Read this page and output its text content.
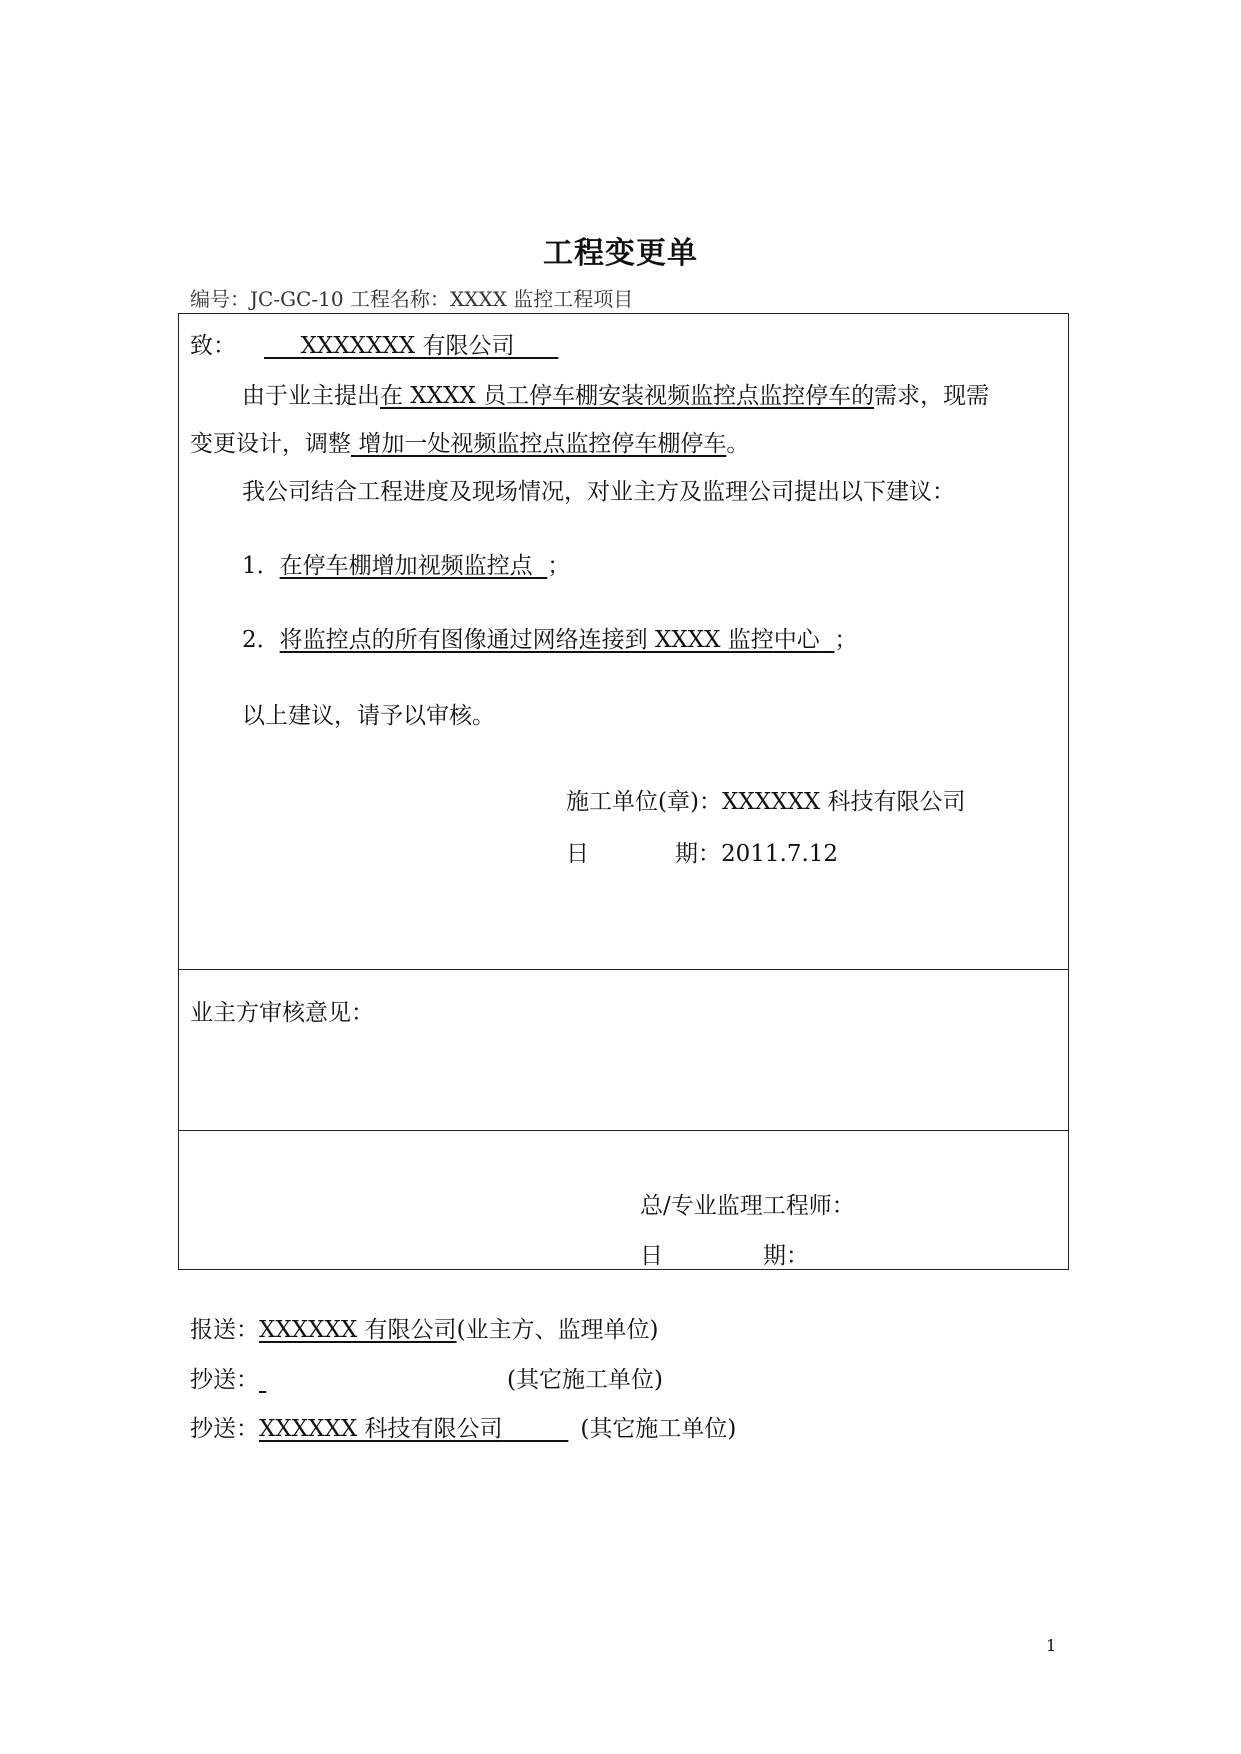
工程变更单
编号：JC-GC-10 工程名称：XXXX 监控工程项目
致：	XXXXXXX 有限公司
由于业主提出在 XXXX 员工停车棚安装视频监控点监控停车的需求，现需
变更设计，调整 增加一处视频监控点监控停车棚停车。
我公司结合工程进度及现场情况，对业主方及监理公司提出以下建议：
1．在停车棚增加视频监控点 ；
2．将监控点的所有图像通过网络连接到 XXXX 监控中心 ；
以上建议，请予以审核。
施工单位(章)：XXXXXX 科技有限公司
日	期：2011.7.12
业主方审核意见：
总/专业监理工程师：
日	期：
报送：XXXXXX 有限公司(业主方、监理单位)
抄送：	(其它施工单位)
抄送：XXXXXX 科技有限公司	(其它施工单位)
1
